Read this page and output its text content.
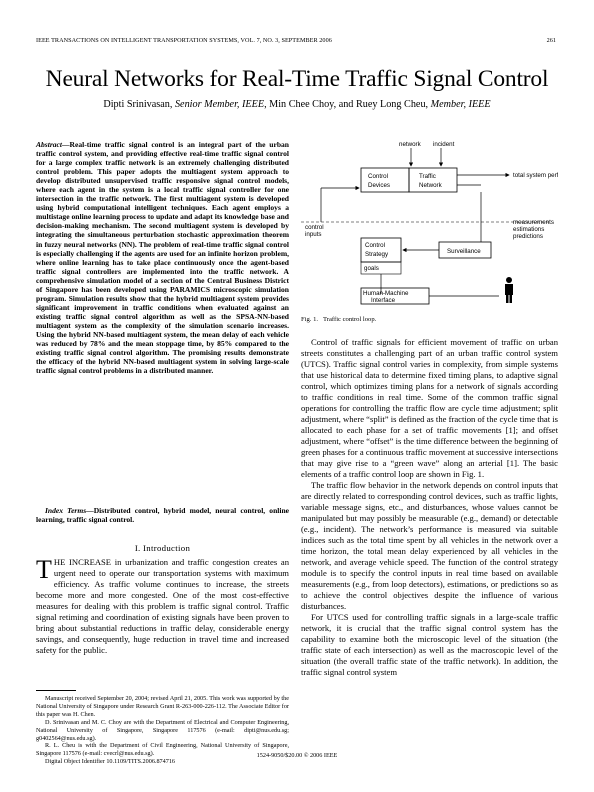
IEEE TRANSACTIONS ON INTELLIGENT TRANSPORTATION SYSTEMS, VOL. 7, NO. 3, SEPTEMBER 2006	261
Neural Networks for Real-Time Traffic Signal Control
Dipti Srinivasan, Senior Member, IEEE, Min Chee Choy, and Ruey Long Cheu, Member, IEEE

Abstract—Real-time traffic signal control is an integral part of the urban traffic control system, and providing effective real-time traffic signal control for a large complex traffic network is an extremely challenging distributed control problem. This paper adopts the multiagent system approach to develop distributed unsupervised traffic responsive signal control models, where each agent in the system is a local traffic signal controller for one intersection in the traffic network. The first multiagent system is developed using hybrid computational intelligent techniques. Each agent employs a multistage online learning process to update and adapt its knowledge base and decision-making mechanism. The second multiagent system is developed by integrating the simultaneous perturbation stochastic approximation theorem in fuzzy neural networks (NN). The problem of real-time traffic signal control is especially challenging if the agents are used for an infinite horizon problem, where online learning has to take place continuously once the agent-based traffic signal controllers are implemented into the traffic network. A comprehensive simulation model of a section of the Central Business District of Singapore has been developed using PARAMICS microscopic simulation program. Simulation results show that the hybrid multiagent system provides significant improvement in traffic conditions when evaluated against an existing traffic signal control algorithm as well as the SPSA-NN-based multiagent system as the complexity of the simulation scenario increases. Using the hybrid NN-based multiagent system, the mean delay of each vehicle was reduced by 78% and the mean stoppage time, by 85% compared to the existing traffic signal control algorithm. The promising results demonstrate the efficacy of the hybrid NN-based multiagent system in solving large-scale traffic signal control problems in a distributed manner.

Index Terms—Distributed control, hybrid model, neural control, online learning, traffic signal control.
I. Introduction
THE INCREASE in urbanization and traffic congestion creates an urgent need to operate our transportation systems with maximum efficiency. As traffic volume continues to increase, the streets become more and more congested. One of the most cost-effective measures for dealing with this problem is traffic signal control. Traffic signal retiming and coordination of existing signals have been proven to bring about substantial reductions in traffic delay, considerable energy savings, and consequently, huge reduction in travel time and increased safety for the public.

Manuscript received September 20, 2004; revised April 21, 2005. This work was supported by the National University of Singapore under Research Grant R-263-000-226-112. The Associate Editor for this paper was H. Chen.

D. Srinivasan and M. C. Choy are with the Department of Electrical and Computer Engineering, National University of Singapore, Singapore 117576 (e-mail: dipti@nus.edu.sg; g0402564@nus.edu.sg).

R. L. Cheu is with the Department of Civil Engineering, National University of Singapore, Singapore 117576 (e-mail: cvecrl@nus.edu.sg).

Digital Object Identifier 10.1109/TITS.2006.874716

network incident
Control
Devices
Traffic
Network
total system perf
control
inputs
measurements
estimations
predictions
Control
Strategy	Surveillance
goals
Human-Machine
Interface
Fig. 1. Traffic control loop.

Control of traffic signals for efficient movement of traffic on urban streets constitutes a challenging part of an urban traffic control system (UTCS). Traffic signal control varies in complexity, from simple systems that use historical data to determine fixed timing plans, to adaptive signal control, which optimizes timing plans for a network of signals according to traffic conditions in real time. Some of the common traffic signal operations for controlling the traffic flow are cycle time adjustment; split adjustment, where “split” is defined as the fraction of the cycle time that is allocated to each phase for a set of traffic movements [1]; and offset adjustment, where “offset” is the time difference between the beginning of green phases for a continuous traffic movement at successive intersections that may give rise to a “green wave” along an arterial [1]. The basic elements of a traffic control loop are shown in Fig. 1.

The traffic flow behavior in the network depends on control inputs that are directly related to corresponding control devices, such as traffic lights, variable message signs, etc., and disturbances, whose values cannot be manipulated but may possibly be measurable (e.g., demand) or detectable (e.g., incident). The network’s performance is measured via suitable indices such as the total time spent by all vehicles in the network over a time horizon, the total mean delay experienced by all vehicles in the network, and average vehicle speed. The function of the control strategy module is to specify the control inputs in real time based on available measurements (e.g., from loop detectors), estimations, or predictions so as to achieve the control objectives despite the influence of various disturbances.

For UTCS used for controlling traffic signals in a large-scale traffic network, it is crucial that the traffic signal control system has the capability to examine both the microscopic level of the situation (the traffic state of each intersection) as well as the macroscopic level of the situation (the overall traffic state of the traffic network). In addition, the traffic signal control system

1524-9050/$20.00 © 2006 IEEE
